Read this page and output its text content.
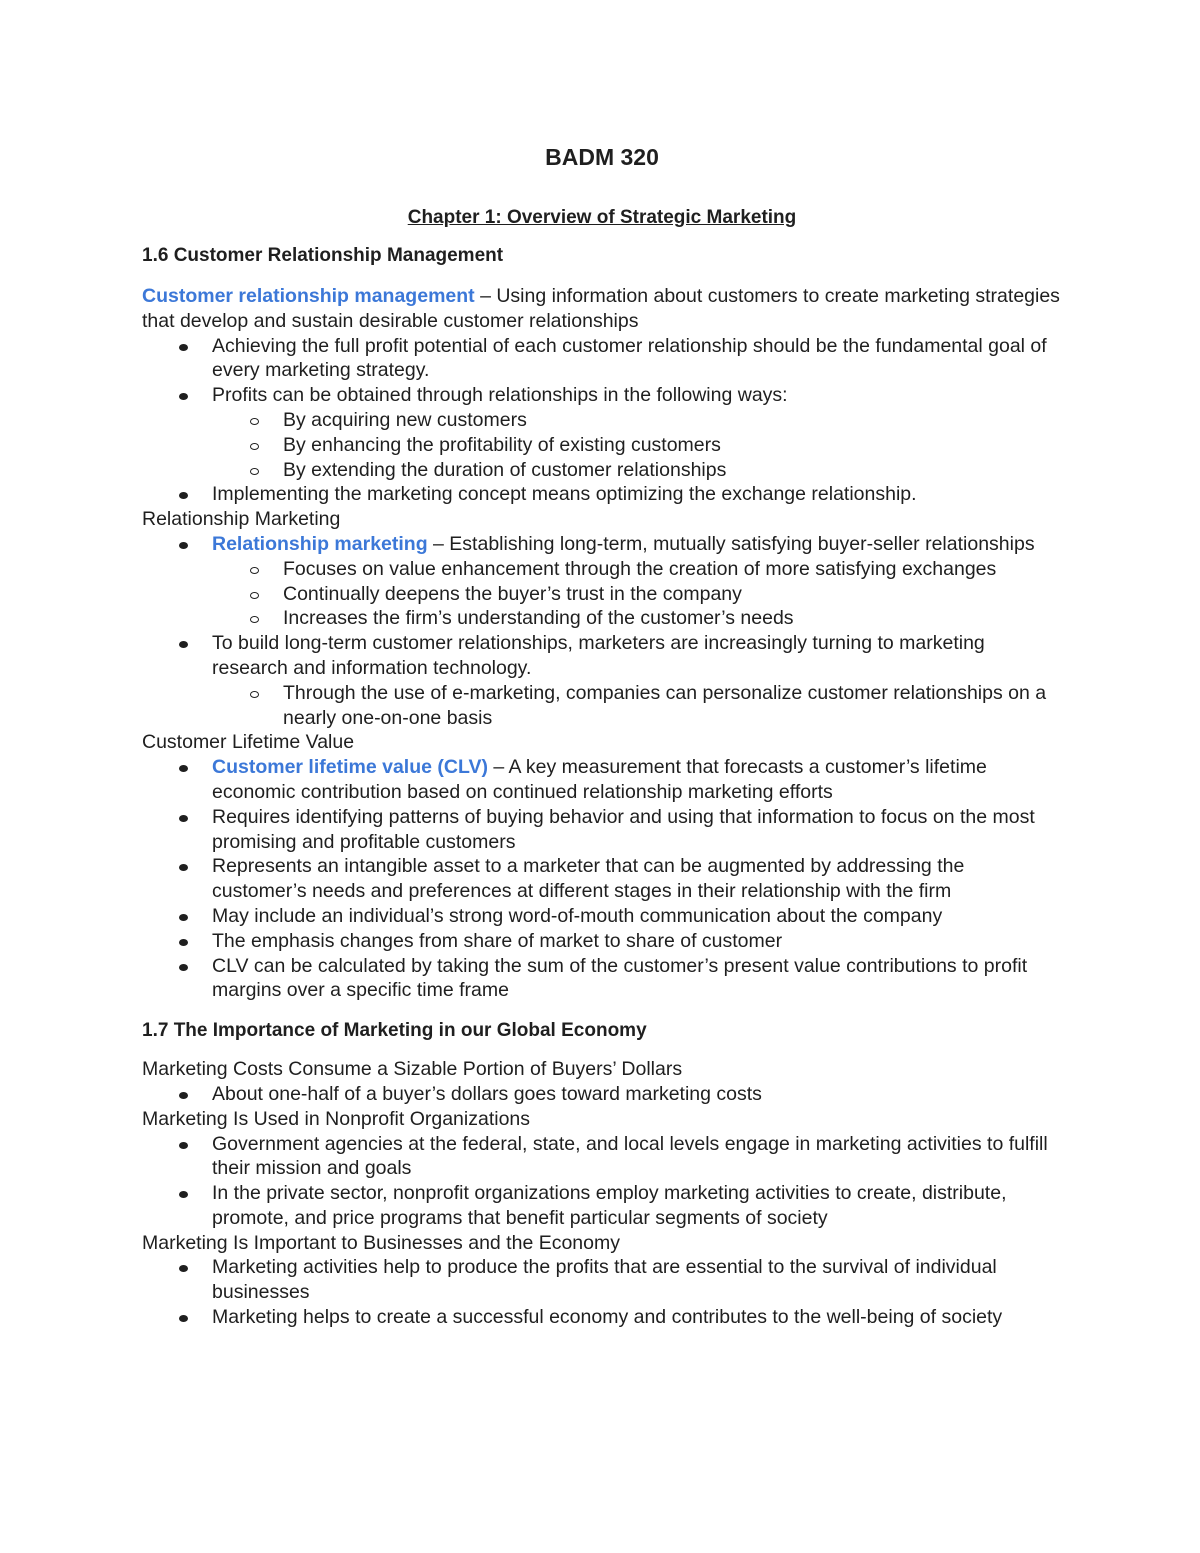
BADM 320
Chapter 1: Overview of Strategic Marketing
1.6 Customer Relationship Management

Customer relationship management – Using information about customers to create marketing strategies that develop and sustain desirable customer relationships

Achieving the full profit potential of each customer relationship should be the fundamental goal of every marketing strategy.
Profits can be obtained through relationships in the following ways:
By acquiring new customers
By enhancing the profitability of existing customers
By extending the duration of customer relationships
Implementing the marketing concept means optimizing the exchange relationship.

Relationship Marketing

Relationship marketing – Establishing long-term, mutually satisfying buyer-seller relationships
Focuses on value enhancement through the creation of more satisfying exchanges
Continually deepens the buyer’s trust in the company
Increases the firm’s understanding of the customer’s needs
To build long-term customer relationships, marketers are increasingly turning to marketing research and information technology.
Through the use of e-marketing, companies can personalize customer relationships on a nearly one-on-one basis

Customer Lifetime Value

Customer lifetime value (CLV) – A key measurement that forecasts a customer’s lifetime economic contribution based on continued relationship marketing efforts
Requires identifying patterns of buying behavior and using that information to focus on the most promising and profitable customers
Represents an intangible asset to a marketer that can be augmented by addressing the customer’s needs and preferences at different stages in their relationship with the firm
May include an individual’s strong word-of-mouth communication about the company
The emphasis changes from share of market to share of customer
CLV can be calculated by taking the sum of the customer’s present value contributions to profit margins over a specific time frame
1.7 The Importance of Marketing in our Global Economy

Marketing Costs Consume a Sizable Portion of Buyers’ Dollars

About one-half of a buyer’s dollars goes toward marketing costs

Marketing Is Used in Nonprofit Organizations

Government agencies at the federal, state, and local levels engage in marketing activities to fulfill their mission and goals
In the private sector, nonprofit organizations employ marketing activities to create, distribute, promote, and price programs that benefit particular segments of society

Marketing Is Important to Businesses and the Economy

Marketing activities help to produce the profits that are essential to the survival of individual businesses
Marketing helps to create a successful economy and contributes to the well-being of society
